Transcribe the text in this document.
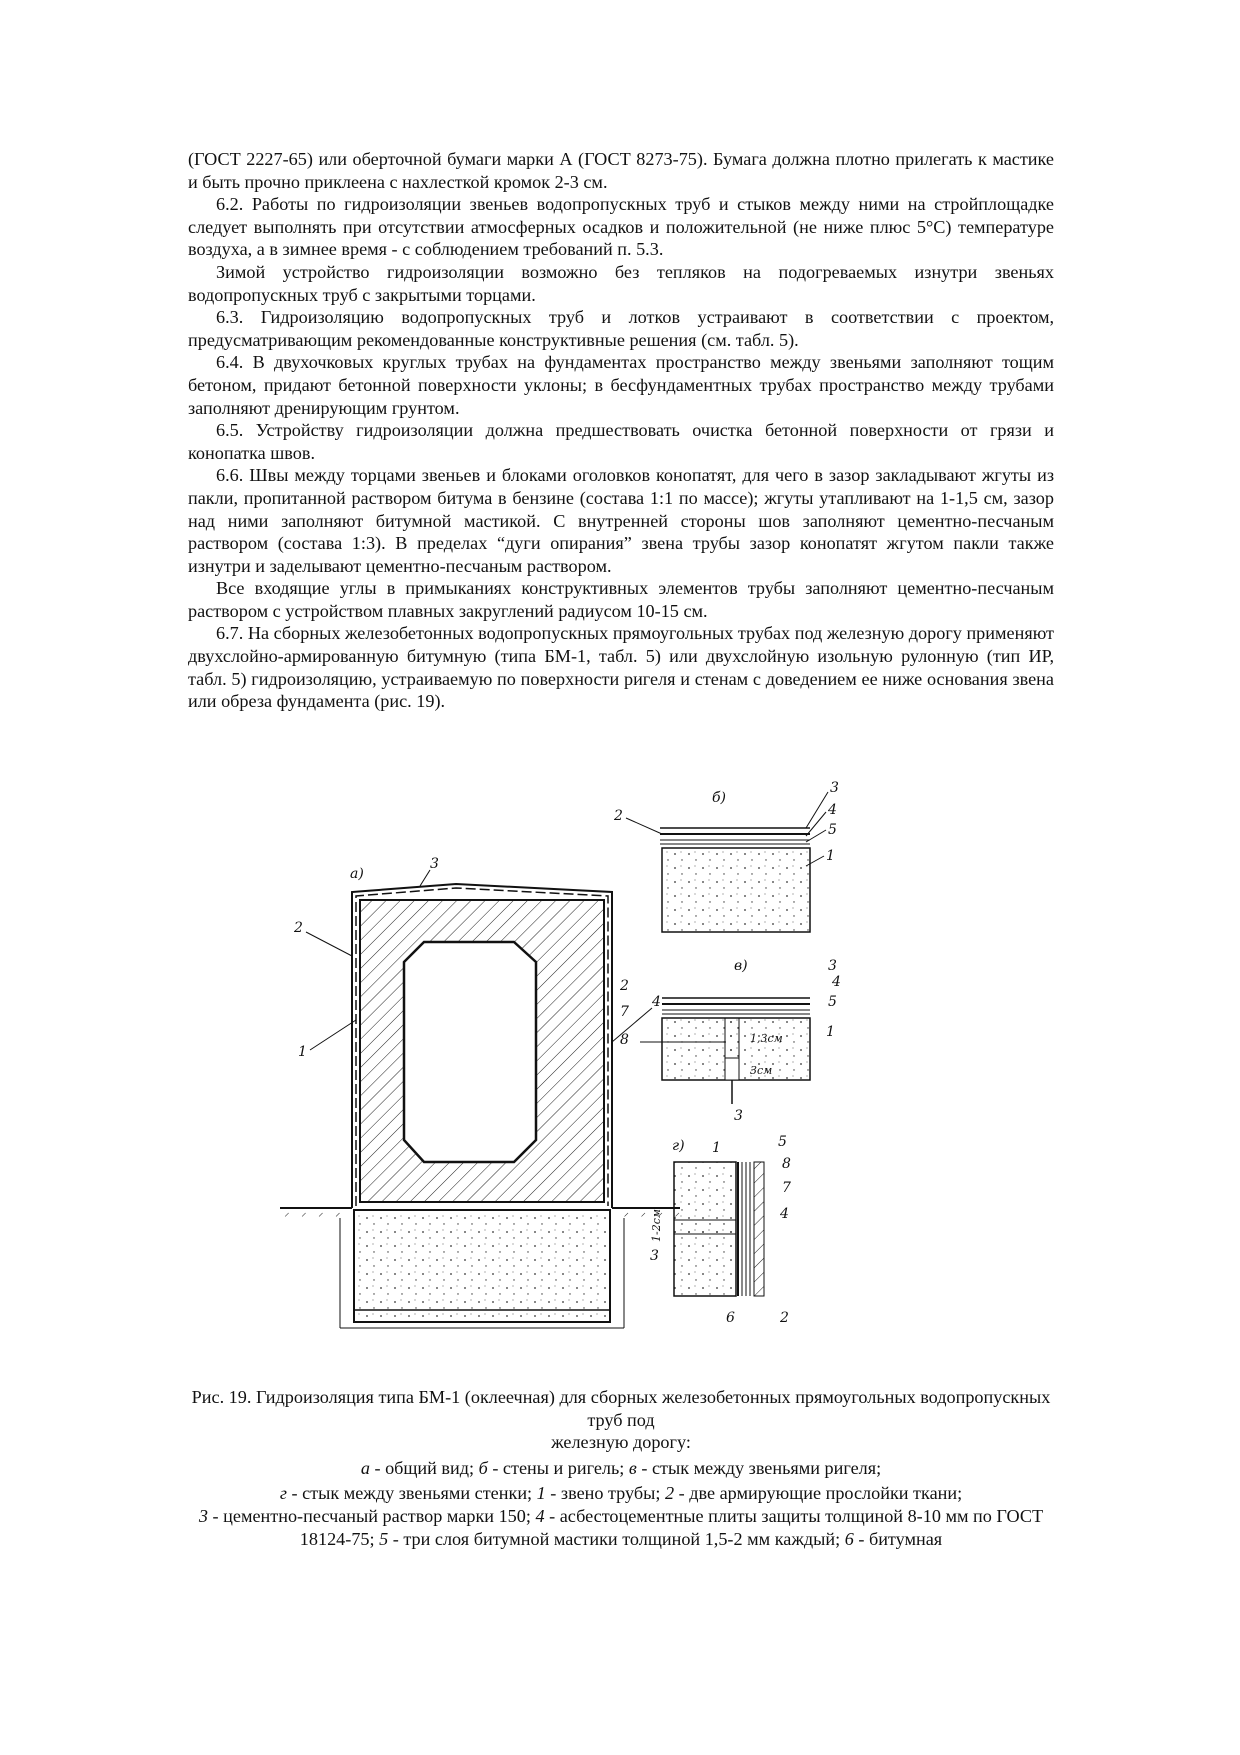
(ГОСТ 2227-65) или оберточной бумаги марки А (ГОСТ 8273-75). Бумага должна плотно прилегать к мастике и быть прочно приклеена с нахлесткой кромок 2-3 см.

6.2. Работы по гидроизоляции звеньев водопропускных труб и стыков между ними на стройплощадке следует выполнять при отсутствии атмосферных осадков и положительной (не ниже плюс 5°С) температуре воздуха, а в зимнее время - с соблюдением требований п. 5.3.

Зимой устройство гидроизоляции возможно без тепляков на подогреваемых изнутри звеньях водопропускных труб с закрытыми торцами.

6.3. Гидроизоляцию водопропускных труб и лотков устраивают в соответствии с проектом, предусматривающим рекомендованные конструктивные решения (см. табл. 5).

6.4. В двухочковых круглых трубах на фундаментах пространство между звеньями заполняют тощим бетоном, придают бетонной поверхности уклоны; в бесфундаментных трубах пространство между трубами заполняют дренирующим грунтом.

6.5. Устройству гидроизоляции должна предшествовать очистка бетонной поверхности от грязи и конопатка швов.

6.6. Швы между торцами звеньев и блоками оголовков конопатят, для чего в зазор закладывают жгуты из пакли, пропитанной раствором битума в бензине (состава 1:1 по массе); жгуты утапливают на 1-1,5 см, зазор над ними заполняют битумной мастикой. С внутренней стороны шов заполняют цементно-песчаным раствором (состава 1:3). В пределах “дуги опирания” звена трубы зазор конопатят жгутом пакли также изнутри и заделывают цементно-песчаным раствором.

Все входящие углы в примыканиях конструктивных элементов трубы заполняют цементно-песчаным раствором с устройством плавных закруглений радиусом 10-15 см.

6.7. На сборных железобетонных водопропускных прямоугольных трубах под железную дорогу применяют двухслойно-армированную битумную (типа БМ-1, табл. 5) или двухслойную изольную рулонную (тип ИР, табл. 5) гидроизоляцию, устраиваемую по поверхности ригеля и стенам с доведением ее ниже основания звена или обреза фундамента (рис. 19).

а)
3
2
1
4
б)
2
3
4
5
1
в)
2
7
8
3
4
5
1
1,3см
3см
3
г) 1	5
8
7
4
3
6	2
1-2см
Рис. 19. Гидроизоляция типа БМ-1 (оклеечная) для сборных железобетонных прямоугольных водопропускных труб под
железную дорогу:
а - общий вид; б - стены и ригель; в - стык между звеньями ригеля;
г - стык между звеньями стенки; 1 - звено трубы; 2 - две армирующие прослойки ткани;
3 - цементно-песчаный раствор марки 150; 4 - асбестоцементные плиты защиты толщиной 8-10 мм по ГОСТ 18124-75; 5 - три слоя битумной мастики толщиной 1,5-2 мм каждый; 6 - битумная
